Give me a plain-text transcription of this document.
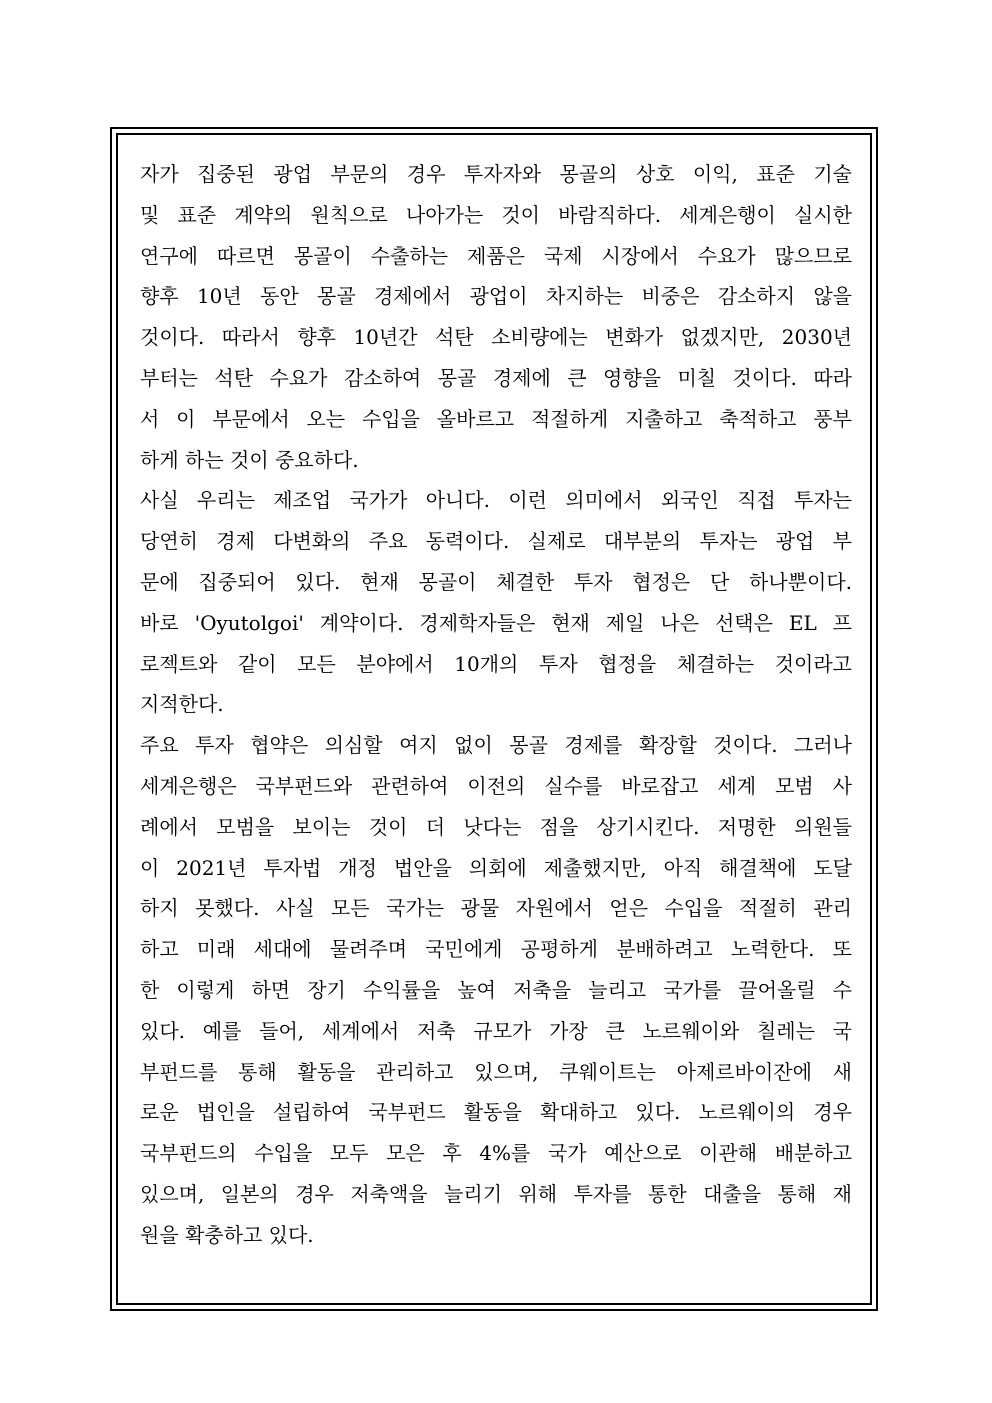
자가 집중된 광업 부문의 경우 투자자와 몽골의 상호 이익, 표준 기술
및 표준 계약의 원칙으로 나아가는 것이 바람직하다. 세계은행이 실시한
연구에 따르면 몽골이 수출하는 제품은 국제 시장에서 수요가 많으므로
향후 10년 동안 몽골 경제에서 광업이 차지하는 비중은 감소하지 않을
것이다. 따라서 향후 10년간 석탄 소비량에는 변화가 없겠지만, 2030년
부터는 석탄 수요가 감소하여 몽골 경제에 큰 영향을 미칠 것이다. 따라
서 이 부문에서 오는 수입을 올바르고 적절하게 지출하고 축적하고 풍부
하게 하는 것이 중요하다.
사실 우리는 제조업 국가가 아니다. 이런 의미에서 외국인 직접 투자는
당연히 경제 다변화의 주요 동력이다. 실제로 대부분의 투자는 광업 부
문에 집중되어 있다. 현재 몽골이 체결한 투자 협정은 단 하나뿐이다.
바로 'Oyutolgoi' 계약이다. 경제학자들은 현재 제일 나은 선택은 EL 프
로젝트와 같이 모든 분야에서 10개의 투자 협정을 체결하는 것이라고
지적한다.
주요 투자 협약은 의심할 여지 없이 몽골 경제를 확장할 것이다. 그러나
세계은행은 국부펀드와 관련하여 이전의 실수를 바로잡고 세계 모범 사
례에서 모범을 보이는 것이 더 낫다는 점을 상기시킨다. 저명한 의원들
이 2021년 투자법 개정 법안을 의회에 제출했지만, 아직 해결책에 도달
하지 못했다. 사실 모든 국가는 광물 자원에서 얻은 수입을 적절히 관리
하고 미래 세대에 물려주며 국민에게 공평하게 분배하려고 노력한다. 또
한 이렇게 하면 장기 수익률을 높여 저축을 늘리고 국가를 끌어올릴 수
있다. 예를 들어, 세계에서 저축 규모가 가장 큰 노르웨이와 칠레는 국
부펀드를 통해 활동을 관리하고 있으며, 쿠웨이트는 아제르바이잔에 새
로운 법인을 설립하여 국부펀드 활동을 확대하고 있다. 노르웨이의 경우
국부펀드의 수입을 모두 모은 후 4%를 국가 예산으로 이관해 배분하고
있으며, 일본의 경우 저축액을 늘리기 위해 투자를 통한 대출을 통해 재
원을 확충하고 있다.
